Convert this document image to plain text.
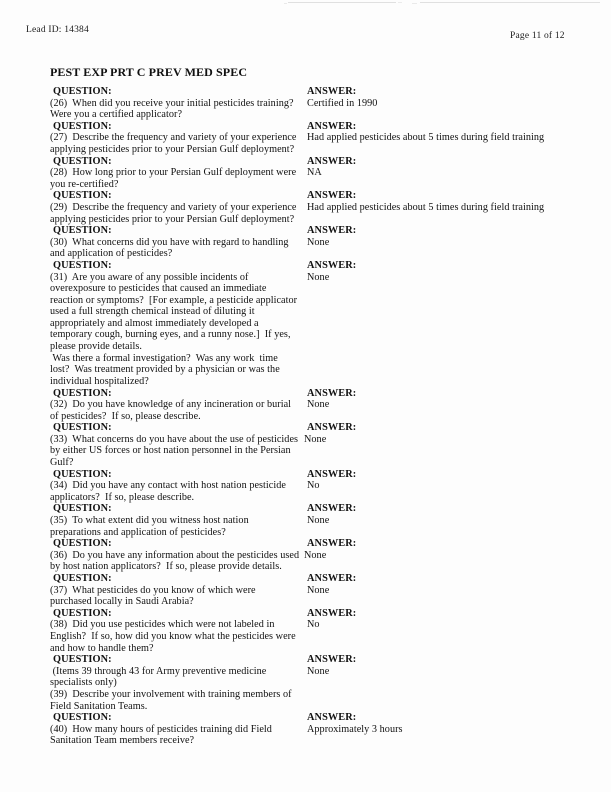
Lead ID: 14384
Page 11 of 12
PEST EXP PRT C PREV MED SPEC
QUESTION:	ANSWER:
(26)  When did you receive your initial pesticides training?
Were you a certified applicator?
Certified in 1990
QUESTION:	ANSWER:
(27)  Describe the frequency and variety of your experience
applying pesticides prior to your Persian Gulf deployment?
Had applied pesticides about 5 times during field training
QUESTION:	ANSWER:
(28)  How long prior to your Persian Gulf deployment were
you re-certified?
NA
QUESTION:	ANSWER:
(29)  Describe the frequency and variety of your experience
applying pesticides prior to your Persian Gulf deployment?
Had applied pesticides about 5 times during field training
QUESTION:	ANSWER:
(30)  What concerns did you have with regard to handling
and application of pesticides?
None
QUESTION:	ANSWER:
(31)  Are you aware of any possible incidents of
overexposure to pesticides that caused an immediate
reaction or symptoms?  [For example, a pesticide applicator
used a full strength chemical instead of diluting it
appropriately and almost immediately developed a
temporary cough, burning eyes, and a runny nose.]  If yes,
please provide details.
Was there a formal investigation?  Was any work  time
lost?  Was treatment provided by a physician or was the
individual hospitalized?
None
QUESTION:	ANSWER:
(32)  Do you have knowledge of any incineration or burial
of pesticides?  If so, please describe.
None
QUESTION:	ANSWER:
(33)  What concerns do you have about the use of pesticides
by either US forces or host nation personnel in the Persian
Gulf?
None
QUESTION:	ANSWER:
(34)  Did you have any contact with host nation pesticide
applicators?  If so, please describe.
No
QUESTION:	ANSWER:
(35)  To what extent did you witness host nation
preparations and application of pesticides?
None
QUESTION:	ANSWER:
(36)  Do you have any information about the pesticides used
by host nation applicators?  If so, please provide details.
None
QUESTION:	ANSWER:
(37)  What pesticides do you know of which were
purchased locally in Saudi Arabia?
None
QUESTION:	ANSWER:
(38)  Did you use pesticides which were not labeled in
English?  If so, how did you know what the pesticides were
and how to handle them?
No
QUESTION:	ANSWER:
(Items 39 through 43 for Army preventive medicine
specialists only)
(39)  Describe your involvement with training members of
Field Sanitation Teams.
None
QUESTION:	ANSWER:
(40)  How many hours of pesticides training did Field
Sanitation Team members receive?
Approximately 3 hours
